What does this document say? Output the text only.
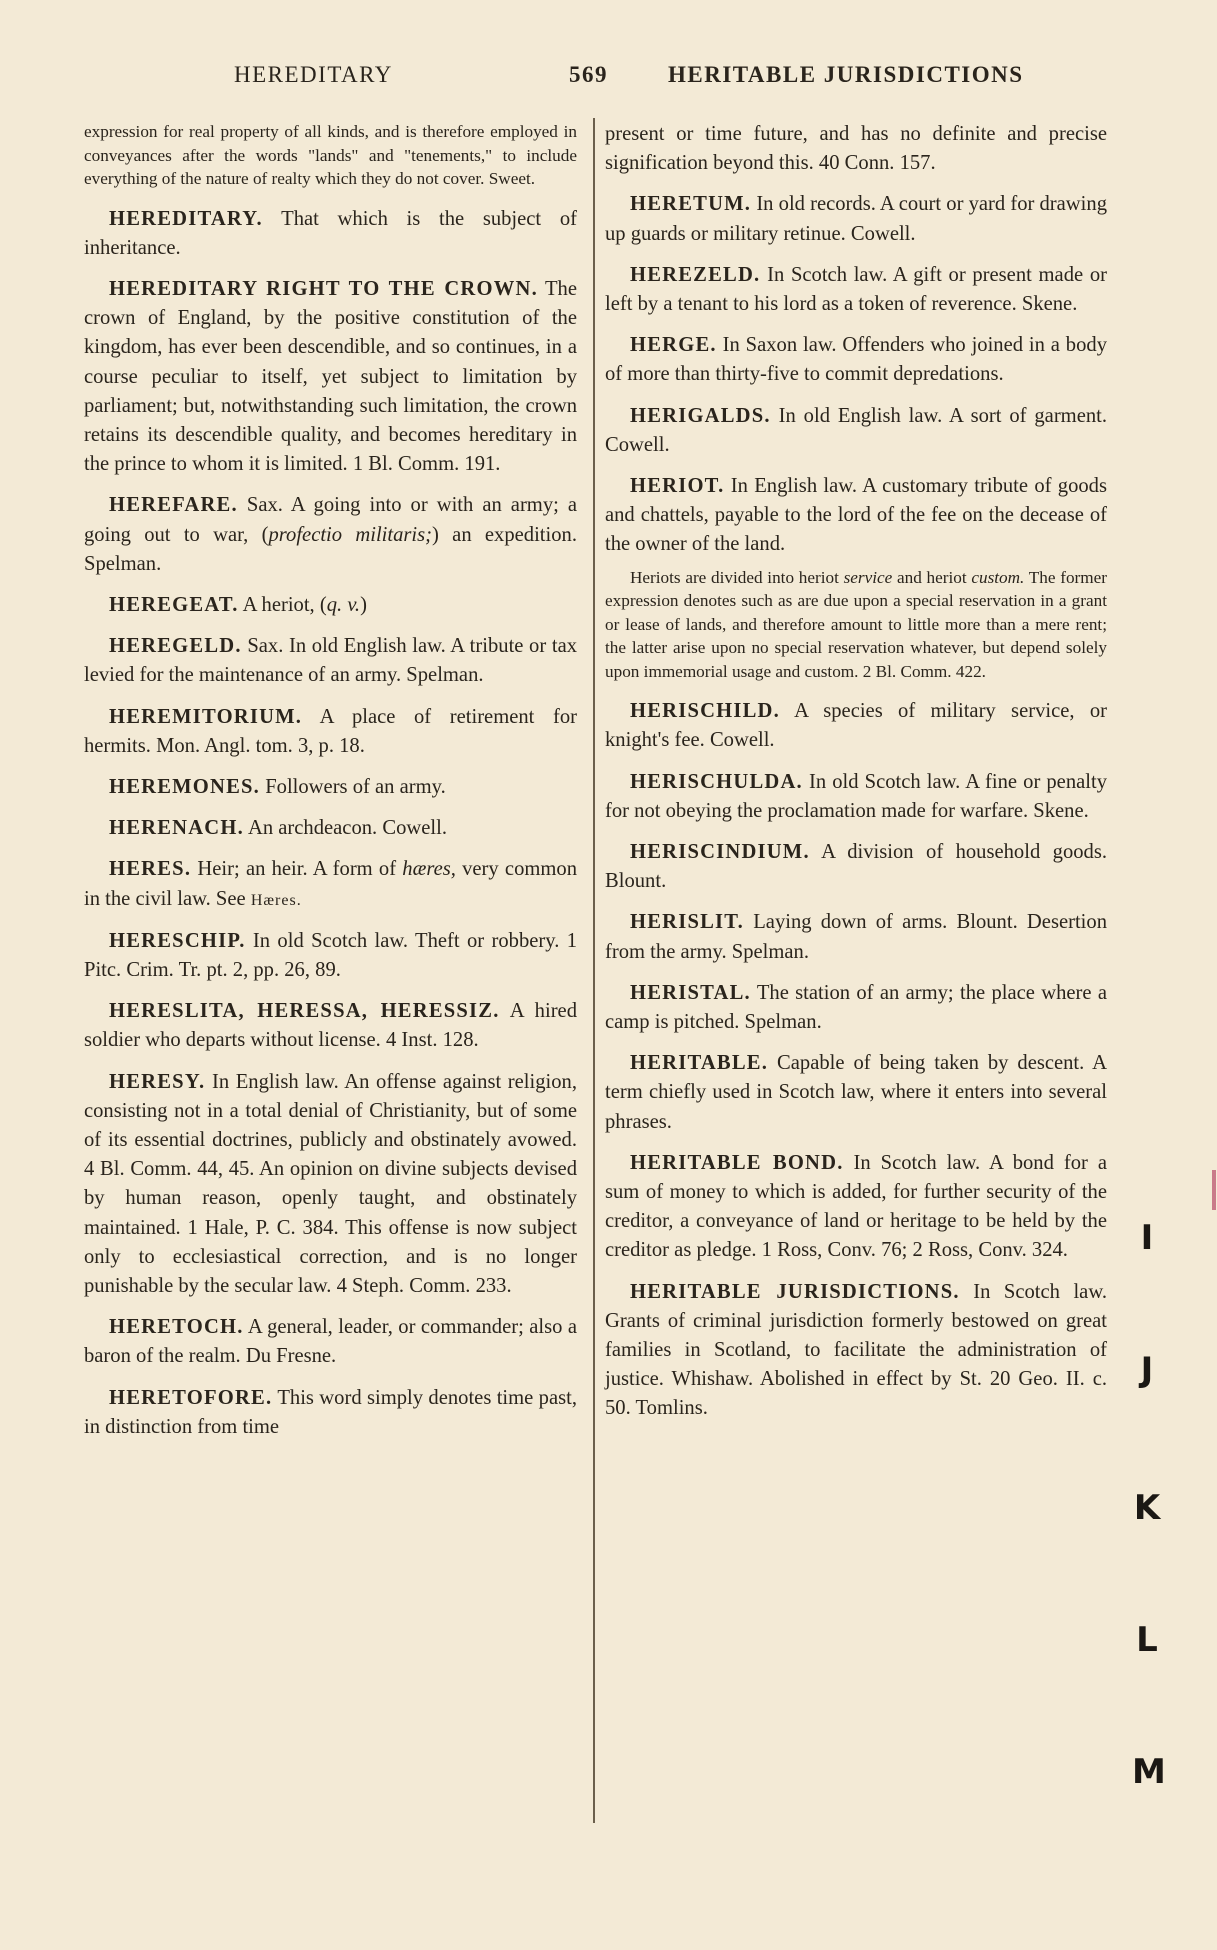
HEREDITARY	569	HERITABLE JURISDICTIONS

expression for real property of all kinds, and is therefore employed in conveyances after the words "lands" and "tenements," to include everything of the nature of realty which they do not cover. Sweet.

HEREDITARY. That which is the subject of inheritance.

HEREDITARY RIGHT TO THE CROWN. The crown of England, by the positive constitution of the kingdom, has ever been descendible, and so continues, in a course peculiar to itself, yet subject to limitation by parliament; but, notwithstanding such limitation, the crown retains its descendible quality, and becomes hereditary in the prince to whom it is limited. 1 Bl. Comm. 191.

HEREFARE. Sax. A going into or with an army; a going out to war, (profectio militaris;) an expedition. Spelman.

HEREGEAT. A heriot, (q. v.)

HEREGELD. Sax. In old English law. A tribute or tax levied for the maintenance of an army. Spelman.

HEREMITORIUM. A place of retirement for hermits. Mon. Angl. tom. 3, p. 18.

HEREMONES. Followers of an army.

HERENACH. An archdeacon. Cowell.

HERES. Heir; an heir. A form of hæres, very common in the civil law. See Hæres.

HERESCHIP. In old Scotch law. Theft or robbery. 1 Pitc. Crim. Tr. pt. 2, pp. 26, 89.

HERESLITA, HERESSA, HERESSIZ. A hired soldier who departs without license. 4 Inst. 128.

HERESY. In English law. An offense against religion, consisting not in a total denial of Christianity, but of some of its essential doctrines, publicly and obstinately avowed. 4 Bl. Comm. 44, 45. An opinion on divine subjects devised by human reason, openly taught, and obstinately maintained. 1 Hale, P. C. 384. This offense is now subject only to ecclesiastical correction, and is no longer punishable by the secular law. 4 Steph. Comm. 233.

HERETOCH. A general, leader, or commander; also a baron of the realm. Du Fresne.

HERETOFORE. This word simply denotes time past, in distinction from time

present or time future, and has no definite and precise signification beyond this. 40 Conn. 157.

HERETUM. In old records. A court or yard for drawing up guards or military retinue. Cowell.

HEREZELD. In Scotch law. A gift or present made or left by a tenant to his lord as a token of reverence. Skene.

HERGE. In Saxon law. Offenders who joined in a body of more than thirty-five to commit depredations.

HERIGALDS. In old English law. A sort of garment. Cowell.

HERIOT. In English law. A customary tribute of goods and chattels, payable to the lord of the fee on the decease of the owner of the land.

Heriots are divided into heriot service and heriot custom. The former expression denotes such as are due upon a special reservation in a grant or lease of lands, and therefore amount to little more than a mere rent; the latter arise upon no special reservation whatever, but depend solely upon immemorial usage and custom. 2 Bl. Comm. 422.

HERISCHILD. A species of military service, or knight's fee. Cowell.

HERISCHULDA. In old Scotch law. A fine or penalty for not obeying the proclamation made for warfare. Skene.

HERISCINDIUM. A division of household goods. Blount.

HERISLIT. Laying down of arms. Blount. Desertion from the army. Spelman.

HERISTAL. The station of an army; the place where a camp is pitched. Spelman.

HERITABLE. Capable of being taken by descent. A term chiefly used in Scotch law, where it enters into several phrases.

HERITABLE BOND. In Scotch law. A bond for a sum of money to which is added, for further security of the creditor, a conveyance of land or heritage to be held by the creditor as pledge. 1 Ross, Conv. 76; 2 Ross, Conv. 324.

HERITABLE JURISDICTIONS. In Scotch law. Grants of criminal jurisdiction formerly bestowed on great families in Scotland, to facilitate the administration of justice. Whishaw. Abolished in effect by St. 20 Geo. II. c. 50. Tomlins.

I
J
K
L
M
